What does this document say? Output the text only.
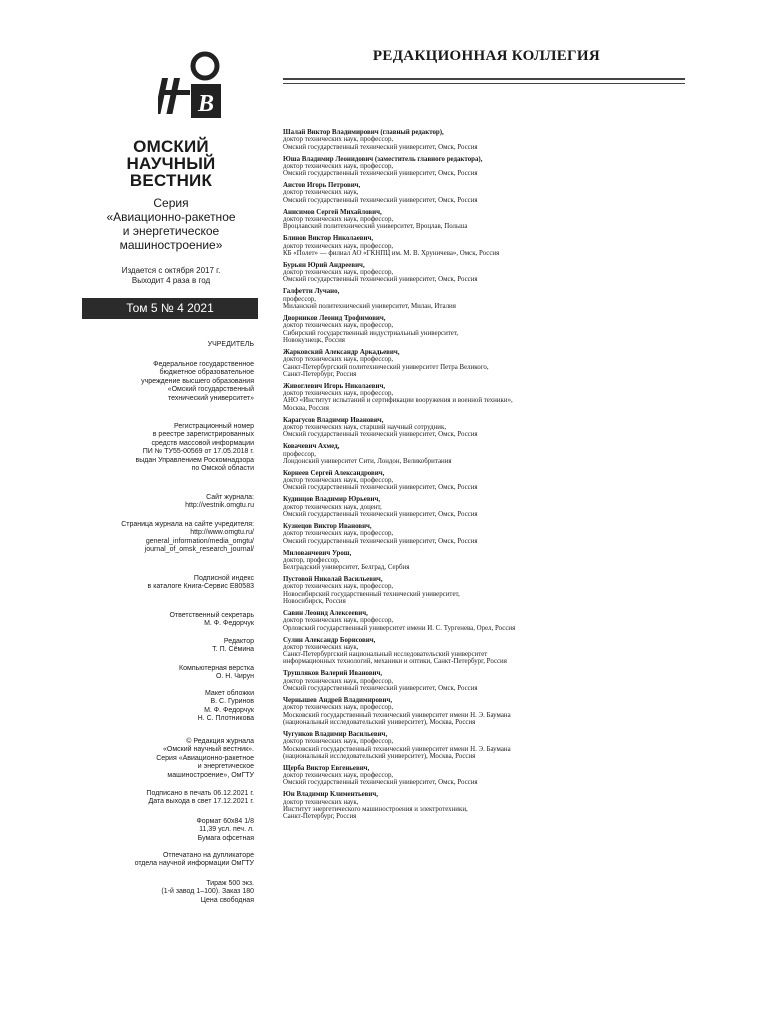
РЕДАКЦИОННАЯ КОЛЛЕГИЯ
B
ОМСКИЙ
НАУЧНЫЙ
ВЕСТНИК
Серия
«Авиационно-ракетное
и энергетическое
машиностроение»
Издается с октября 2017 г.
Выходит 4 раза в год
Том 5 № 4 2021
УЧРЕДИТЕЛЬ
Федеральное государственное
бюджетное образовательное
учреждение высшего образования
«Омский государственный
технический университет»
Регистрационный номер
в реестре зарегистрированных
средств массовой информации
ПИ № ТУ55-00569 от 17.05.2018 г.
выдан Управлением Роскомнадзора
по Омской области
Сайт журнала:
http://vestnik.omgtu.ru
Страница журнала на сайте учредителя:
http://www.omgtu.ru/
general_information/media_omgtu/
journal_of_omsk_research_journal/
Подписной индекс
в каталоге Книга-Сервис Е80583
Ответственный секретарь
М. Ф. Федорчук
Редактор
Т. П. Сёмина
Компьютерная верстка
О. Н. Чирун
Макет обложки
В. С. Гуринов
М. Ф. Федорчук
Н. С. Плотникова
© Редакция журнала
«Омский научный вестник».
Серия «Авиационно-ракетное
и энергетическое
машиностроение», ОмГТУ
Подписано в печать 06.12.2021 г.
Дата выхода в свет 17.12.2021 г.
Формат 60х84 1/8
11,39 усл. печ. л.
Бумага офсетная
Отпечатано на дупликаторе
отдела научной информации ОмГТУ
Тираж 500 экз.
(1-й завод 1–100). Заказ 180
Цена свободная
Шалай Виктор Владимирович (главный редактор),
доктор технических наук, профессор,
Омский государственный технический университет, Омск, Россия
Юша Владимир Леонидович (заместитель главного редактора),
доктор технических наук, профессор,
Омский государственный технический университет, Омск, Россия
Аистов Игорь Петрович,
доктор технических наук,
Омский государственный технический университет, Омск, Россия
Анисимов Сергей Михайлович,
доктор технических наук, профессор,
Вроцлавский политехнический университет, Вроцлав, Польша
Блинов Виктор Николаевич,
доктор технических наук, профессор,
КБ «Полет» — филиал АО «ГКНПЦ им. М. В. Хруничева», Омск, Россия
Бурьян Юрий Андреевич,
доктор технических наук, профессор,
Омский государственный технический университет, Омск, Россия
Галфетти Лучано,
профессор,
Миланский политехнический университет, Милан, Италия
Дворников Леонид Трофимович,
доктор технических наук, профессор,
Сибирский государственный индустриальный университет,
Новокузнецк, Россия
Жарковский Александр Аркадьевич,
доктор технических наук, профессор,
Санкт-Петербургский политехнический университет Петра Великого,
Санкт-Петербург, Россия
Живоглевич Игорь Николаевич,
доктор технических наук, профессор,
АНО «Институт испытаний и сертификации вооружения и военной техники»,
Москва, Россия
Карагусов Владимир Иванович,
доктор технических наук, старший научный сотрудник,
Омский государственный технический университет, Омск, Россия
Ковачевич Ахмед,
профессор,
Лондонский университет Сити, Лондон, Великобритания
Корнеев Сергей Александрович,
доктор технических наук, профессор,
Омский государственный технический университет, Омск, Россия
Кудинцов Владимир Юрьевич,
доктор технических наук, доцент,
Омский государственный технический университет, Омск, Россия
Кузнецов Виктор Иванович,
доктор технических наук, профессор,
Омский государственный технический университет, Омск, Россия
Милованчевич Урош,
доктор, профессор,
Белградский университет, Белград, Сербия
Пустовой Николай Васильевич,
доктор технических наук, профессор,
Новосибирский государственный технический университет,
Новосибирск, Россия
Савин Леонид Алексеевич,
доктор технических наук, профессор,
Орловский государственный университет имени И. С. Тургенева, Орел, Россия
Сулин Александр Борисович,
доктор технических наук,
Санкт-Петербургский национальный исследовательский университет
информационных технологий, механики и оптики, Санкт-Петербург, Россия
Трушляков Валерий Иванович,
доктор технических наук, профессор,
Омский государственный технический университет, Омск, Россия
Чернышев Андрей Владимирович,
доктор технических наук, профессор,
Московский государственный технический университет имени Н. Э. Баумана
(национальный исследовательский университет), Москва, Россия
Чугунков Владимир Васильевич,
доктор технических наук, профессор,
Московский государственный технический университет имени Н. Э. Баумана
(национальный исследовательский университет), Москва, Россия
Щерба Виктор Евгеньевич,
доктор технических наук, профессор,
Омский государственный технический университет, Омск, Россия
Юн Владимир Климентьевич,
доктор технических наук,
Институт энергетического машиностроения и электротехники,
Санкт-Петербург, Россия
